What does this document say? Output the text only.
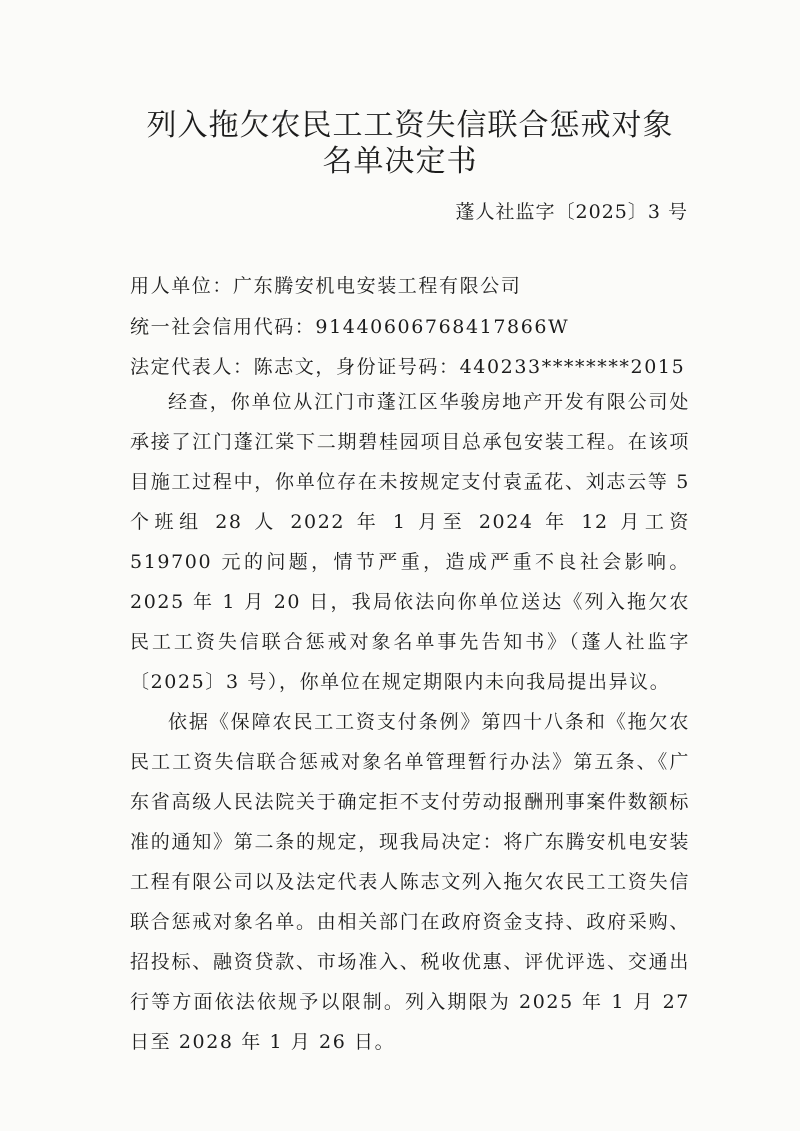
列入拖欠农民工工资失信联合惩戒对象
名单决定书
蓬人社监字〔2025〕3 号
用人单位：广东腾安机电安装工程有限公司
统一社会信用代码：91440606768417866W
法定代表人：陈志文，身份证号码：440233********2015

经查，你单位从江门市蓬江区华骏房地产开发有限公司处承接了江门蓬江棠下二期碧桂园项目总承包安装工程。在该项目施工过程中，你单位存在未按规定支付袁孟花、刘志云等 5 个班组 28 人 2022 年 1 月至 2024 年 12 月工资 519700 元的问题，情节严重，造成严重不良社会影响。2025 年 1 月 20 日，我局依法向你单位送达《列入拖欠农民工工资失信联合惩戒对象名单事先告知书》（蓬人社监字〔2025〕3 号），你单位在规定期限内未向我局提出异议。

依据《保障农民工工资支付条例》第四十八条和《拖欠农民工工资失信联合惩戒对象名单管理暂行办法》第五条、《广东省高级人民法院关于确定拒不支付劳动报酬刑事案件数额标准的通知》第二条的规定，现我局决定：将广东腾安机电安装工程有限公司以及法定代表人陈志文列入拖欠农民工工资失信联合惩戒对象名单。由相关部门在政府资金支持、政府采购、招投标、融资贷款、市场准入、税收优惠、评优评选、交通出行等方面依法依规予以限制。列入期限为 2025 年 1 月 27 日至 2028 年 1 月 26 日。
